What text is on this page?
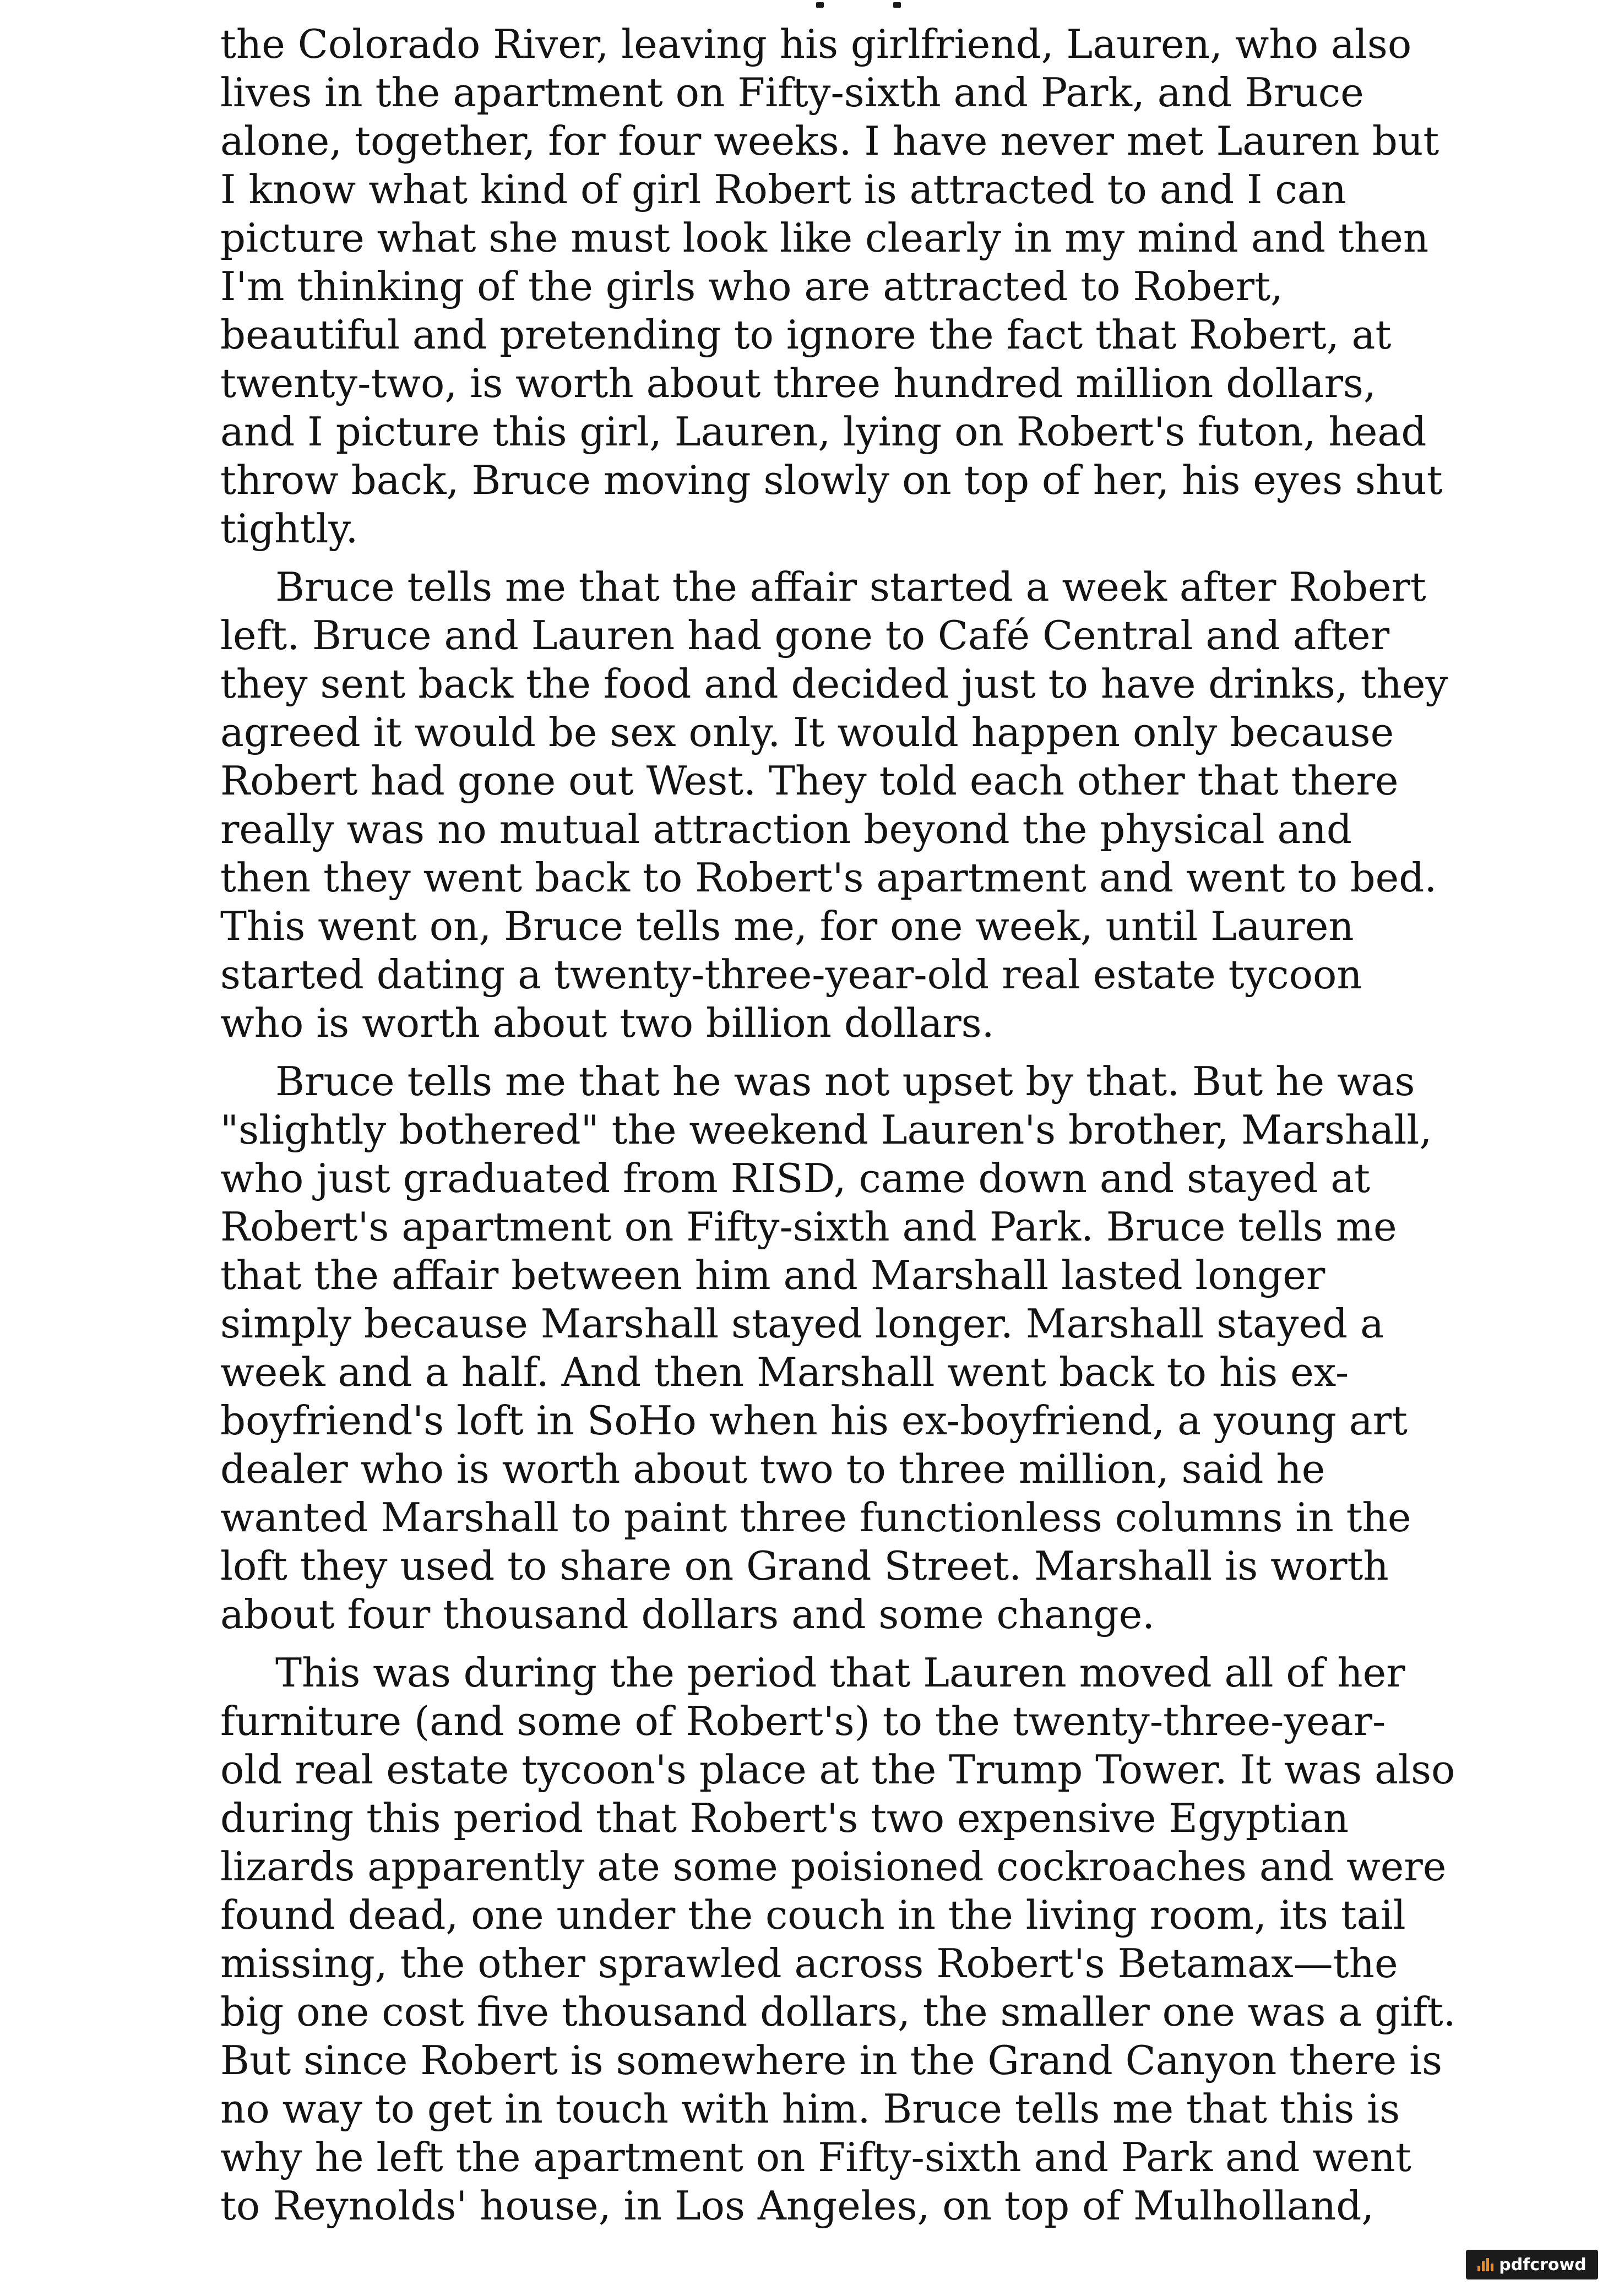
the Colorado River, leaving his girlfriend, Lauren, who also
lives in the apartment on Fifty-sixth and Park, and Bruce
alone, together, for four weeks. I have never met Lauren but
I know what kind of girl Robert is attracted to and I can
picture what she must look like clearly in my mind and then
I'm thinking of the girls who are attracted to Robert,
beautiful and pretending to ignore the fact that Robert, at
twenty-two, is worth about three hundred million dollars,
and I picture this girl, Lauren, lying on Robert's futon, head
throw back, Bruce moving slowly on top of her, his eyes shut
tightly.
Bruce tells me that the affair started a week after Robert
left. Bruce and Lauren had gone to Café Central and after
they sent back the food and decided just to have drinks, they
agreed it would be sex only. It would happen only because
Robert had gone out West. They told each other that there
really was no mutual attraction beyond the physical and
then they went back to Robert's apartment and went to bed.
This went on, Bruce tells me, for one week, until Lauren
started dating a twenty-three-year-old real estate tycoon
who is worth about two billion dollars.
Bruce tells me that he was not upset by that. But he was
"slightly bothered" the weekend Lauren's brother, Marshall,
who just graduated from RISD, came down and stayed at
Robert's apartment on Fifty-sixth and Park. Bruce tells me
that the affair between him and Marshall lasted longer
simply because Marshall stayed longer. Marshall stayed a
week and a half. And then Marshall went back to his ex-
boyfriend's loft in SoHo when his ex-boyfriend, a young art
dealer who is worth about two to three million, said he
wanted Marshall to paint three functionless columns in the
loft they used to share on Grand Street. Marshall is worth
about four thousand dollars and some change.
This was during the period that Lauren moved all of her
furniture (and some of Robert's) to the twenty-three-year-
old real estate tycoon's place at the Trump Tower. It was also
during this period that Robert's two expensive Egyptian
lizards apparently ate some poisioned cockroaches and were
found dead, one under the couch in the living room, its tail
missing, the other sprawled across Robert's Betamax—the
big one cost five thousand dollars, the smaller one was a gift.
But since Robert is somewhere in the Grand Canyon there is
no way to get in touch with him. Bruce tells me that this is
why he left the apartment on Fifty-sixth and Park and went
to Reynolds' house, in Los Angeles, on top of Mulholland,
pdfcrowd
